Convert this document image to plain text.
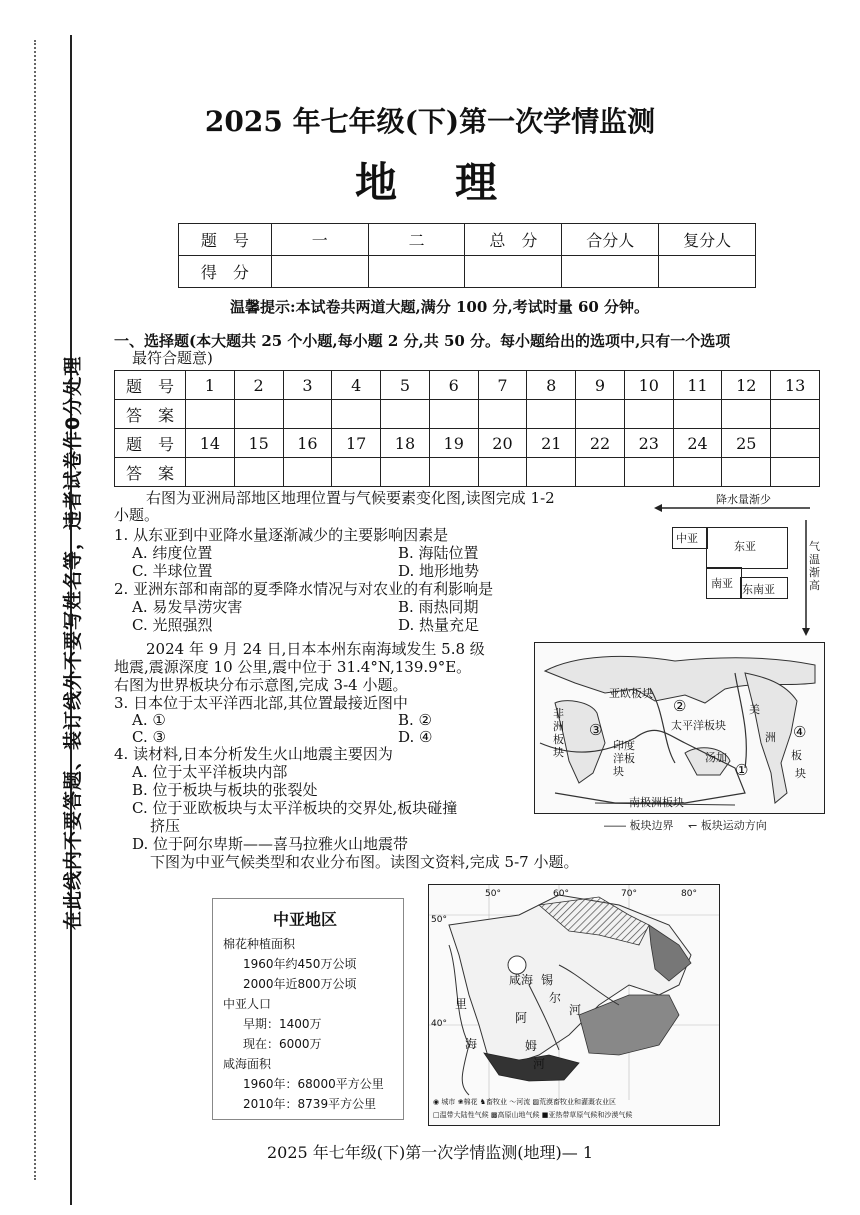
在此线内不要答题、装订线外不要写姓名等，违者试卷作0分处理
2025 年七年级(下)第一次学情监测
地　理
题　号	一	二	总　分	合分人	复分人
得　分					
温馨提示:本试卷共两道大题,满分 100 分,考试时量 60 分钟。
一、选择题(本大题共 25 个小题,每小题 2 分,共 50 分。每小题给出的选项中,只有一个选项
最符合题意)
题　号	1	2	3	4	5	6	7	8	9	10	11	12	13
答　案													
题　号	14	15	16	17	18	19	20	21	22	23	24	25	
答　案													
右图为亚洲局部地区地理位置与气候要素变化图,读图完成 1-2
小题。
1. 从东亚到中亚降水量逐渐减少的主要影响因素是
A. 纬度位置	B. 海陆位置
C. 半球位置	D. 地形地势
2. 亚洲东部和南部的夏季降水情况与对农业的有利影响是
A. 易发旱涝灾害	B. 雨热同期
C. 光照强烈	D. 热量充足
降水量渐少
中亚
东亚
南亚 东南亚
气温渐高
2024 年 9 月 24 日,日本本州东南海域发生 5.8 级
地震,震源深度 10 公里,震中位于 31.4°N,139.9°E。
右图为世界板块分布示意图,完成 3-4 小题。
3. 日本位于太平洋西北部,其位置最接近图中
A. ①	B. ②
C. ③	D. ④
4. 读材料,日本分析发生火山地震主要因为
A. 位于太平洋板块内部
B. 位于板块与板块的张裂处
C. 位于亚欧板块与太平洋板块的交界处,板块碰撞
挤压
D. 位于阿尔卑斯——喜马拉雅火山地震带
亚欧板块
非洲板块
印度洋板块
太平洋板块
美
洲
板
块
南极洲板块
汤加
①
②
③	④
―― 板块边界 　↽ 板块运动方向
下图为中亚气候类型和农业分布图。读图文资料,完成 5-7 小题。
中亚地区
棉花种植面积
1960年约450万公顷
2000年近800万公顷
中亚人口
早期：1400万
现在：6000万
咸海面积
1960年：68000平方公里
2010年：8739平方公里
50°	60°	70°	80°
50°
40°
咸海
里
海
锡
尔
河
阿
姆
河
◉ 城市 ❀棉花 ♞畜牧业 ～河流 ▨荒漠畜牧业和灌溉农业区
□温带大陆性气候 ▩高原山地气候 ■亚热带草原气候和沙漠气候
2025 年七年级(下)第一次学情监测(地理)— 1
